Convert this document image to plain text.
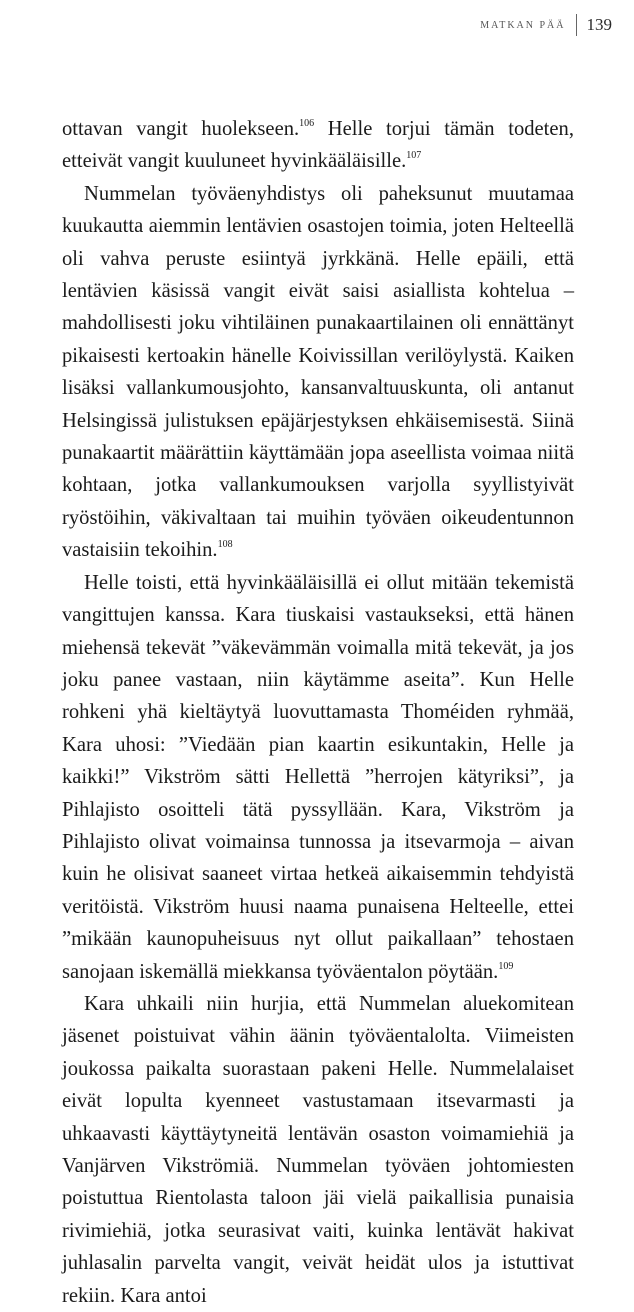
MATKAN PÄÄ 139

ottavan vangit huolekseen.$^{106}$ Helle torjui tämän todeten, etteivät vangit kuuluneet hyvinkääläisille.$^{107}$

Nummelan työväenyhdistys oli paheksunut muutamaa kuukautta aiemmin lentävien osastojen toimia, joten Helteellä oli vahva peruste esiintyä jyrkkänä. Helle epäili, että lentävien käsissä vangit eivät saisi asiallista kohtelua – mahdollisesti joku vihtiläinen punakaartilainen oli ennättänyt pikaisesti kertoakin hänelle Koivissillan verilöylystä. Kaiken lisäksi vallankumousjohto, kansanvaltuuskunta, oli antanut Helsingissä julistuksen epäjärjestyksen ehkäisemisestä. Siinä punakaartit määrättiin käyttämään jopa aseellista voimaa niitä kohtaan, jotka vallankumouksen varjolla syyllistyivät ryöstöihin, väkivaltaan tai muihin työväen oikeudentunnon vastaisiin tekoihin.$^{108}$

Helle toisti, että hyvinkääläisillä ei ollut mitään tekemistä vangittujen kanssa. Kara tiuskaisi vastaukseksi, että hänen miehensä tekevät ”väkevämmän voimalla mitä tekevät, ja jos joku panee vastaan, niin käytämme aseita”. Kun Helle rohkeni yhä kieltäytyä luovuttamasta Thoméiden ryhmää, Kara uhosi: ”Viedään pian kaartin esikuntakin, Helle ja kaikki!” Vikström sätti Hellettä ”herrojen kätyriksi”, ja Pihlajisto osoitteli tätä pyssyllään. Kara, Vikström ja Pihlajisto olivat voimainsa tunnossa ja itsevarmoja – aivan kuin he olisivat saaneet virtaa hetkeä aikaisemmin tehdyistä veritöistä. Vikström huusi naama punaisena Helteelle, ettei ”mikään kaunopuheisuus nyt ollut paikallaan” tehostaen sanojaan iskemällä miekkansa työväentalon pöytään.$^{109}$

Kara uhkaili niin hurjia, että Nummelan aluekomitean jäsenet poistuivat vähin äänin työväentalolta. Viimeisten joukossa paikalta suorastaan pakeni Helle. Nummelalaiset eivät lopulta kyenneet vastustamaan itsevarmasti ja uhkaavasti käyttäytyneitä lentävän osaston voimamiehiä ja Vanjärven Vikströmiä. Nummelan työväen johtomiesten poistuttua Rientolasta taloon jäi vielä paikallisia punaisia rivimiehiä, jotka seurasivat vaiti, kuinka lentävät hakivat juhlasalin parvelta vangit, veivät heidät ulos ja istuttivat rekiin. Kara antoi
